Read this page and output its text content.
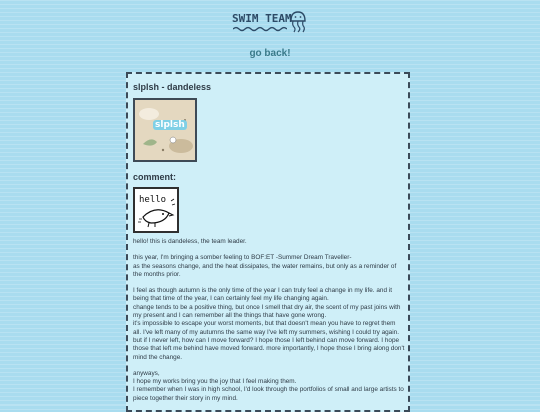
SWIM TEAM
go back!
slplsh - dandeless
slplsh
comment:
hello

hello! this is dandeless, the team leader.

this year, I'm bringing a somber feeling to BOF:ET -Summer Dream Traveller-
as the seasons change, and the heat dissipates, the water remains, but only as a reminder of the months prior.

I feel as though autumn is the only time of the year I can truly feel a change in my life. and it being that time of the year, I can certainly feel my life changing again.
change tends to be a positive thing, but once I smell that dry air, the scent of my past joins with my present and I can remember all the things that have gone wrong.
it's impossible to escape your worst moments, but that doesn't mean you have to regret them all. I've left many of my autumns the same way I've left my summers, wishing I could try again.
but if I never left, how can I move forward? I hope those I left behind can move forward. I hope those that left me behind have moved forward. more importantly, I hope those I bring along don't mind the change.

anyways,
I hope my works bring you the joy that I feel making them.
I remember when I was in high school, I'd look through the portfolios of small and large artists to piece together their story in my mind.
